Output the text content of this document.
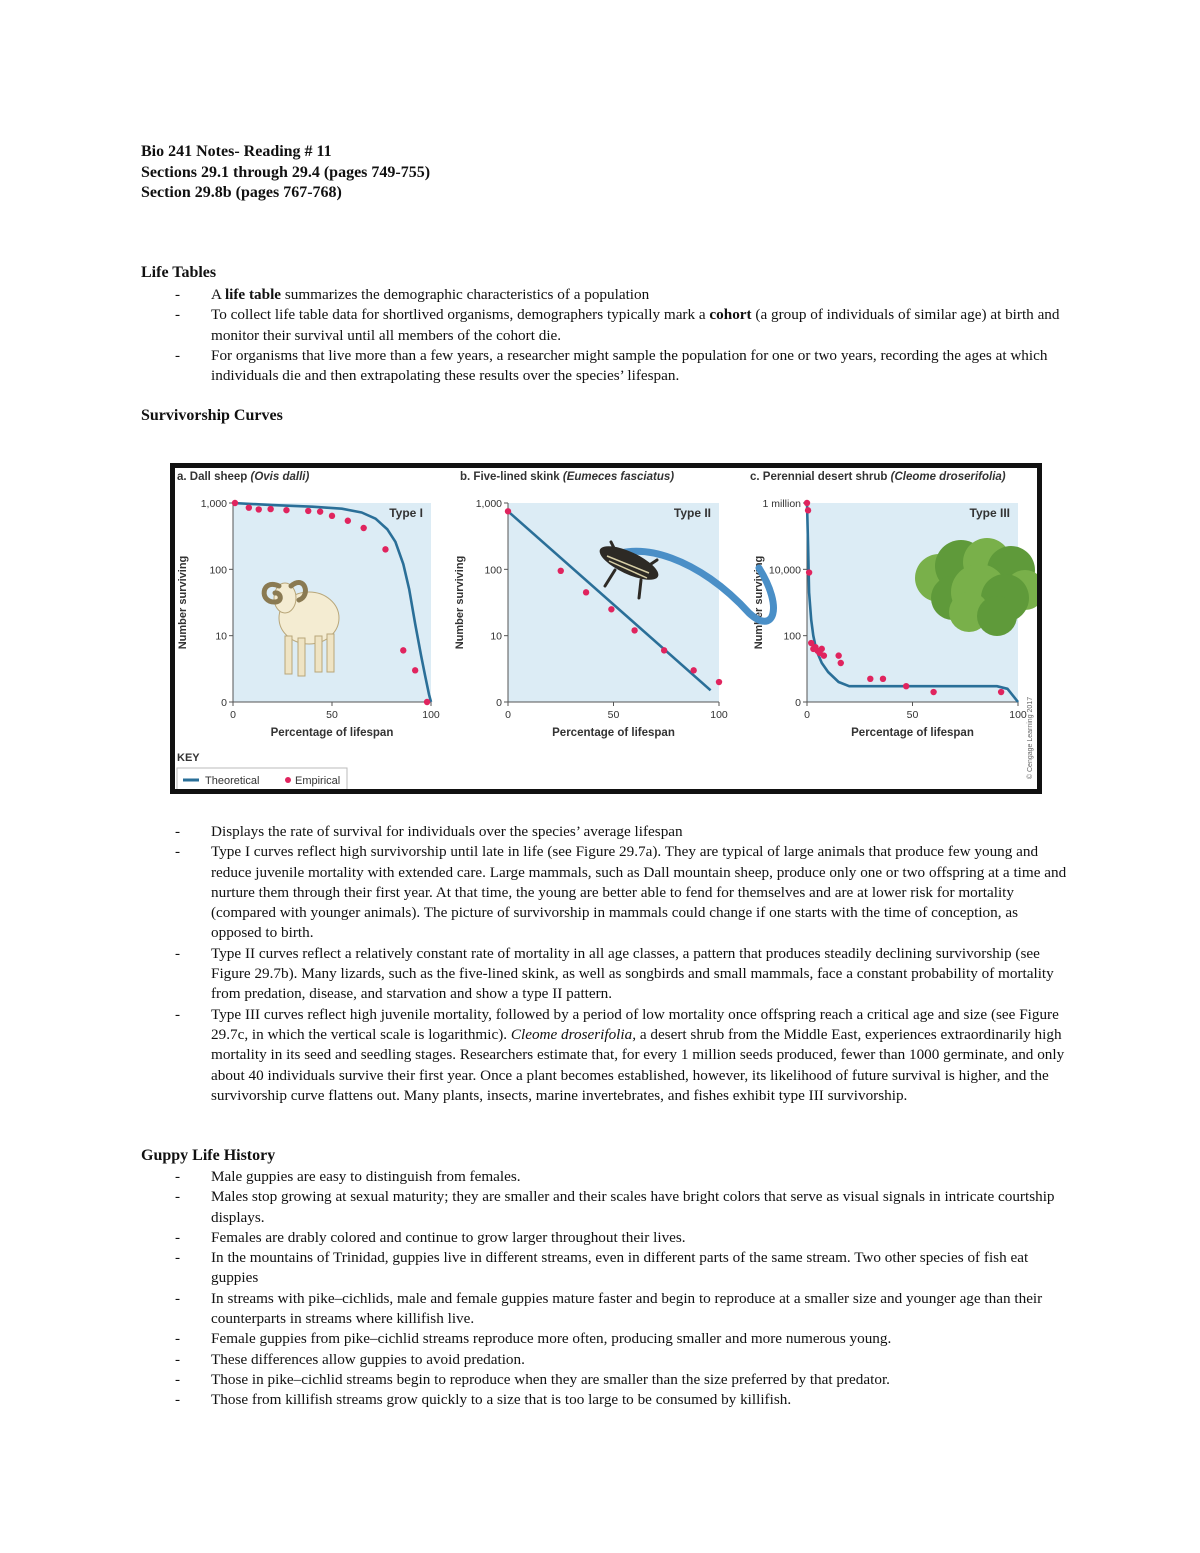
Bio 241 Notes- Reading # 11
Sections 29.1 through 29.4 (pages 749-755)
Section 29.8b (pages 767-768)
Life Tables
- A life table summarizes the demographic characteristics of a population
- To collect life table data for shortlived organisms, demographers typically mark a cohort (a group of individuals of similar age) at birth and monitor their survival until all members of the cohort die.
- For organisms that live more than a few years, a researcher might sample the population for one or two years, recording the ages at which individuals die and then extrapolating these results over the species’ lifespan.
Survivorship Curves
a. Dall sheep (Ovis dalli)
Type I
0
10
100
1,000
0	50	100
Percentage of lifespan
Number surviving
b. Five-lined skink (Eumeces fasciatus)
Type II
0
10
100
1,000
0	50	100
Percentage of lifespan
Number surviving
c. Perennial desert shrub (Cleome droserifolia)
Type III
0
100
10,000
1 million
0	50	100
Percentage of lifespan
Number surviving
KEY
Theoretical	Empirical
© Cengage Learning 2017
- Displays the rate of survival for individuals over the species’ average lifespan
- Type I curves reflect high survivorship until late in life (see Figure 29.7a). They are typical of large animals that produce few young and reduce juvenile mortality with extended care. Large mammals, such as Dall mountain sheep, produce only one or two offspring at a time and nurture them through their first year. At that time, the young are better able to fend for themselves and are at lower risk for mortality (compared with younger animals). The picture of survivorship in mammals could change if one starts with the time of conception, as opposed to birth.
- Type II curves reflect a relatively constant rate of mortality in all age classes, a pattern that produces steadily declining survivorship (see Figure 29.7b). Many lizards, such as the five-lined skink, as well as songbirds and small mammals, face a constant probability of mortality from predation, disease, and starvation and show a type II pattern.
- Type III curves reflect high juvenile mortality, followed by a period of low mortality once offspring reach a critical age and size (see Figure 29.7c, in which the vertical scale is logarithmic). Cleome droserifolia, a desert shrub from the Middle East, experiences extraordinarily high mortality in its seed and seedling stages. Researchers estimate that, for every 1 million seeds produced, fewer than 1000 germinate, and only about 40 individuals survive their first year. Once a plant becomes established, however, its likelihood of future survival is higher, and the survivorship curve flattens out. Many plants, insects, marine invertebrates, and fishes exhibit type III survivorship.
Guppy Life History
- Male guppies are easy to distinguish from females.
- Males stop growing at sexual maturity; they are smaller and their scales have bright colors that serve as visual signals in intricate courtship displays.
- Females are drably colored and continue to grow larger throughout their lives.
- In the mountains of Trinidad, guppies live in different streams, even in different parts of the same stream. Two other species of fish eat guppies
- In streams with pike–cichlids, male and female guppies mature faster and begin to reproduce at a smaller size and younger age than their counterparts in streams where killifish live.
- Female guppies from pike–cichlid streams reproduce more often, producing smaller and more numerous young.
- These differences allow guppies to avoid predation.
- Those in pike–cichlid streams begin to reproduce when they are smaller than the size preferred by that predator.
- Those from killifish streams grow quickly to a size that is too large to be consumed by killifish.
